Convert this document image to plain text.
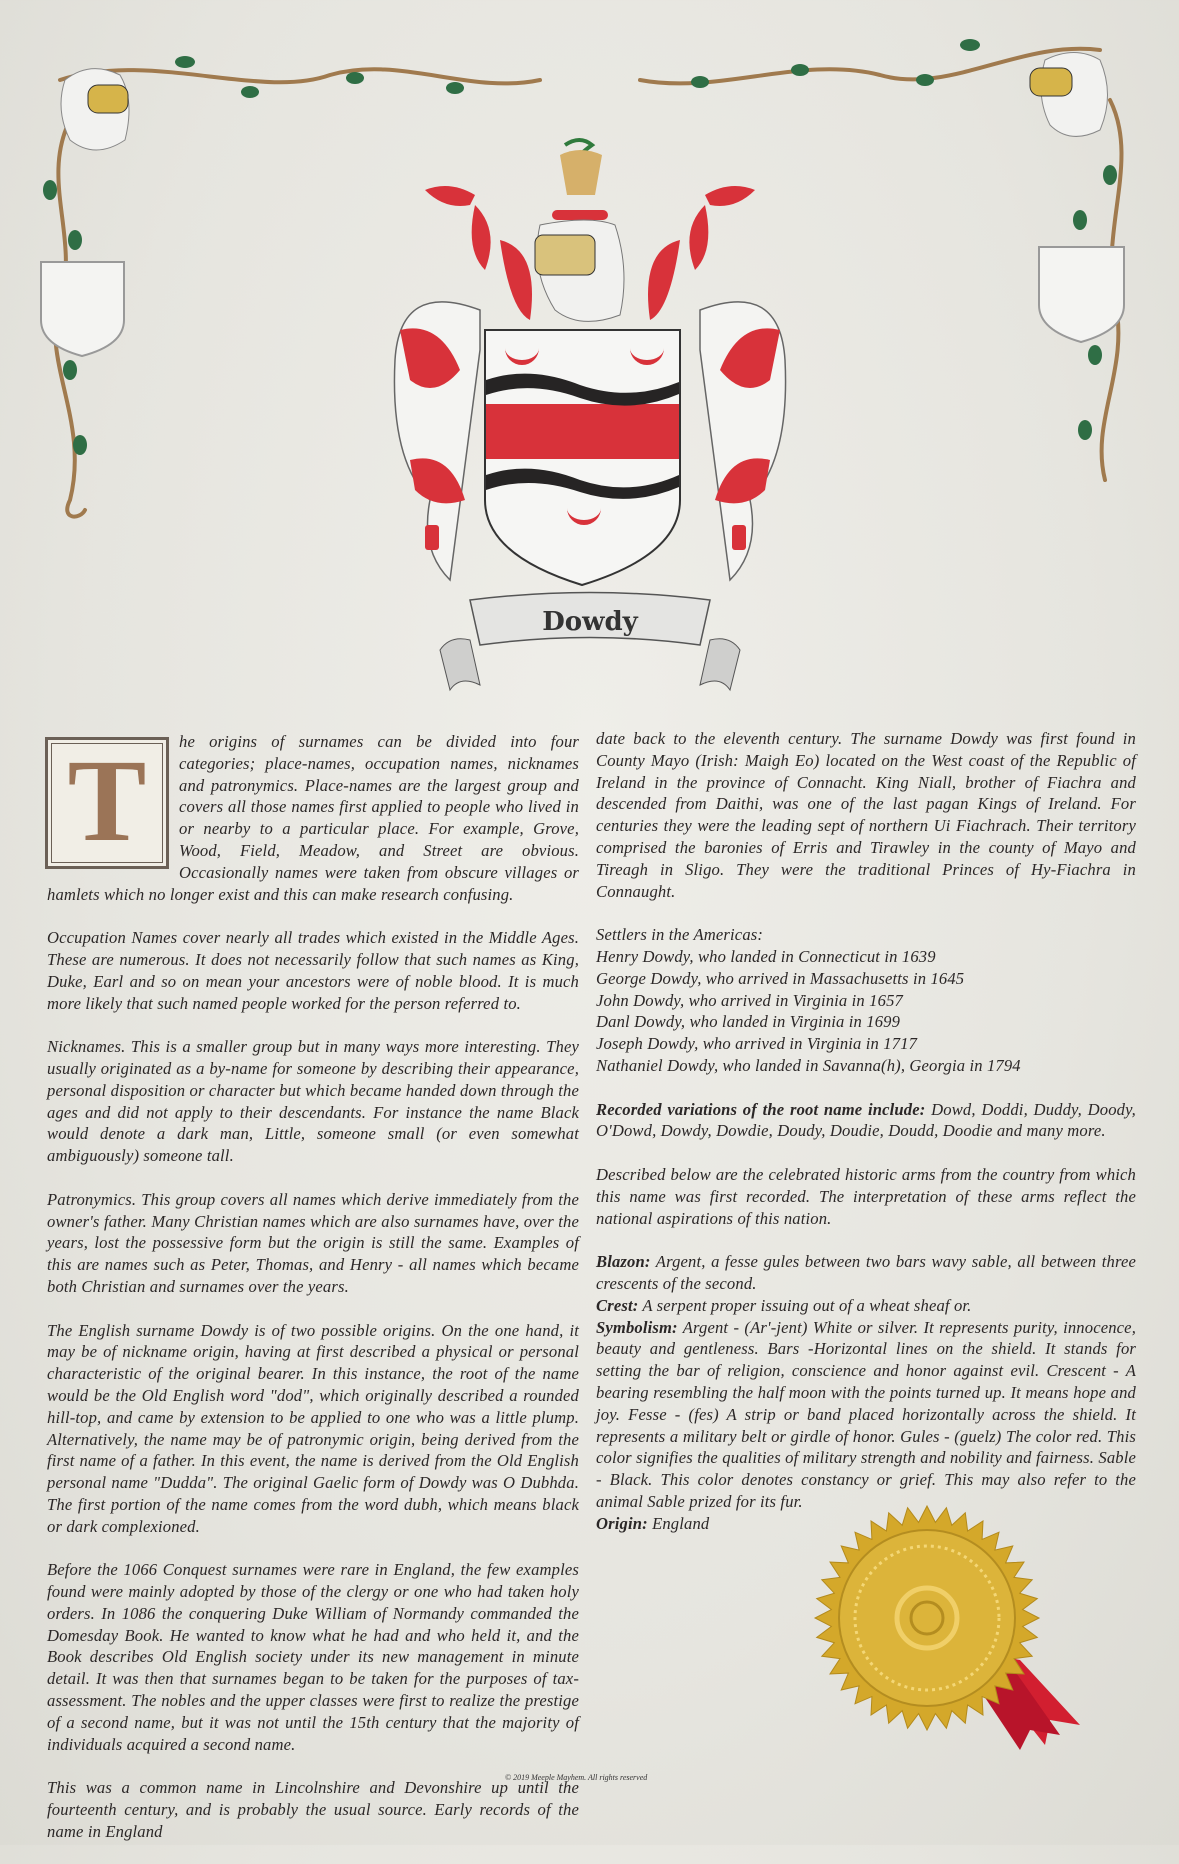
Dowdy

T	he origins of surnames can be divided into four categories; place-names, occupation names, nicknames and patronymics. Place-names are the largest group and covers all those names first applied to people who lived in or nearby to a particular place. For example, Grove, Wood, Field, Meadow, and Street are obvious. Occasionally names were taken from obscure villages or hamlets which no longer exist and this can make research confusing.

Occupation Names cover nearly all trades which existed in the Middle Ages. These are numerous. It does not necessarily follow that such names as King, Duke, Earl and so on mean your ancestors were of noble blood. It is much more likely that such named people worked for the person referred to.

Nicknames. This is a smaller group but in many ways more interesting. They usually originated as a by-name for someone by describing their appearance, personal disposition or character but which became handed down through the ages and did not apply to their descendants. For instance the name Black would denote a dark man, Little, someone small (or even somewhat ambiguously) someone tall.

Patronymics. This group covers all names which derive immediately from the owner's father. Many Christian names which are also surnames have, over the years, lost the possessive form but the origin is still the same. Examples of this are names such as Peter, Thomas, and Henry - all names which became both Christian and surnames over the years.

The English surname Dowdy is of two possible origins. On the one hand, it may be of nickname origin, having at first described a physical or personal characteristic of the original bearer. In this instance, the root of the name would be the Old English word "dod", which originally described a rounded hill-top, and came by extension to be applied to one who was a little plump. Alternatively, the name may be of patronymic origin, being derived from the first name of a father. In this event, the name is derived from the Old English personal name "Dudda". The original Gaelic form of Dowdy was O Dubhda. The first portion of the name comes from the word dubh, which means black or dark complexioned.

Before the 1066 Conquest surnames were rare in England, the few examples found were mainly adopted by those of the clergy or one who had taken holy orders. In 1086 the conquering Duke William of Normandy commanded the Domesday Book. He wanted to know what he had and who held it, and the Book describes Old English society under its new management in minute detail. It was then that surnames began to be taken for the purposes of tax-assessment. The nobles and the upper classes were first to realize the prestige of a second name, but it was not until the 15th century that the majority of individuals acquired a second name.

This was a common name in Lincolnshire and Devonshire up until the fourteenth century, and is probably the usual source. Early records of the name in England

date back to the eleventh century. The surname Dowdy was first found in County Mayo (Irish: Maigh Eo) located on the West coast of the Republic of Ireland in the province of Connacht. King Niall, brother of Fiachra and descended from Daithi, was one of the last pagan Kings of Ireland. For centuries they were the leading sept of northern Ui Fiachrach. Their territory comprised the baronies of Erris and Tirawley in the county of Mayo and Tireagh in Sligo. They were the traditional Princes of Hy-Fiachra in Connaught.

Settlers in the Americas:
Henry Dowdy, who landed in Connecticut in 1639
George Dowdy, who arrived in Massachusetts in 1645
John Dowdy, who arrived in Virginia in 1657
Danl Dowdy, who landed in Virginia in 1699
Joseph Dowdy, who arrived in Virginia in 1717
Nathaniel Dowdy, who landed in Savanna(h), Georgia in 1794

Recorded variations of the root name include: Dowd, Doddi, Duddy, Doody, O'Dowd, Dowdy, Dowdie, Doudy, Doudie, Doudd, Doodie and many more.

Described below are the celebrated historic arms from the country from which this name was first recorded. The interpretation of these arms reflect the national aspirations of this nation.

Blazon: Argent, a fesse gules between two bars wavy sable, all between three crescents of the second.
Crest: A serpent proper issuing out of a wheat sheaf or.
Symbolism: Argent - (Ar'-jent) White or silver. It represents purity, innocence, beauty and gentleness. Bars -Horizontal lines on the shield. It stands for setting the bar of religion, conscience and honor against evil. Crescent - A bearing resembling the half moon with the points turned up. It means hope and joy. Fesse - (fes) A strip or band placed horizontally across the shield. It represents a military belt or girdle of honor. Gules - (guelz) The color red. This color signifies the qualities of military strength and nobility and fairness. Sable - Black. This color denotes constancy or grief. This may also refer to the animal Sable prized for its fur.
Origin: England

© 2019 Meeple Mayhem. All rights reserved
